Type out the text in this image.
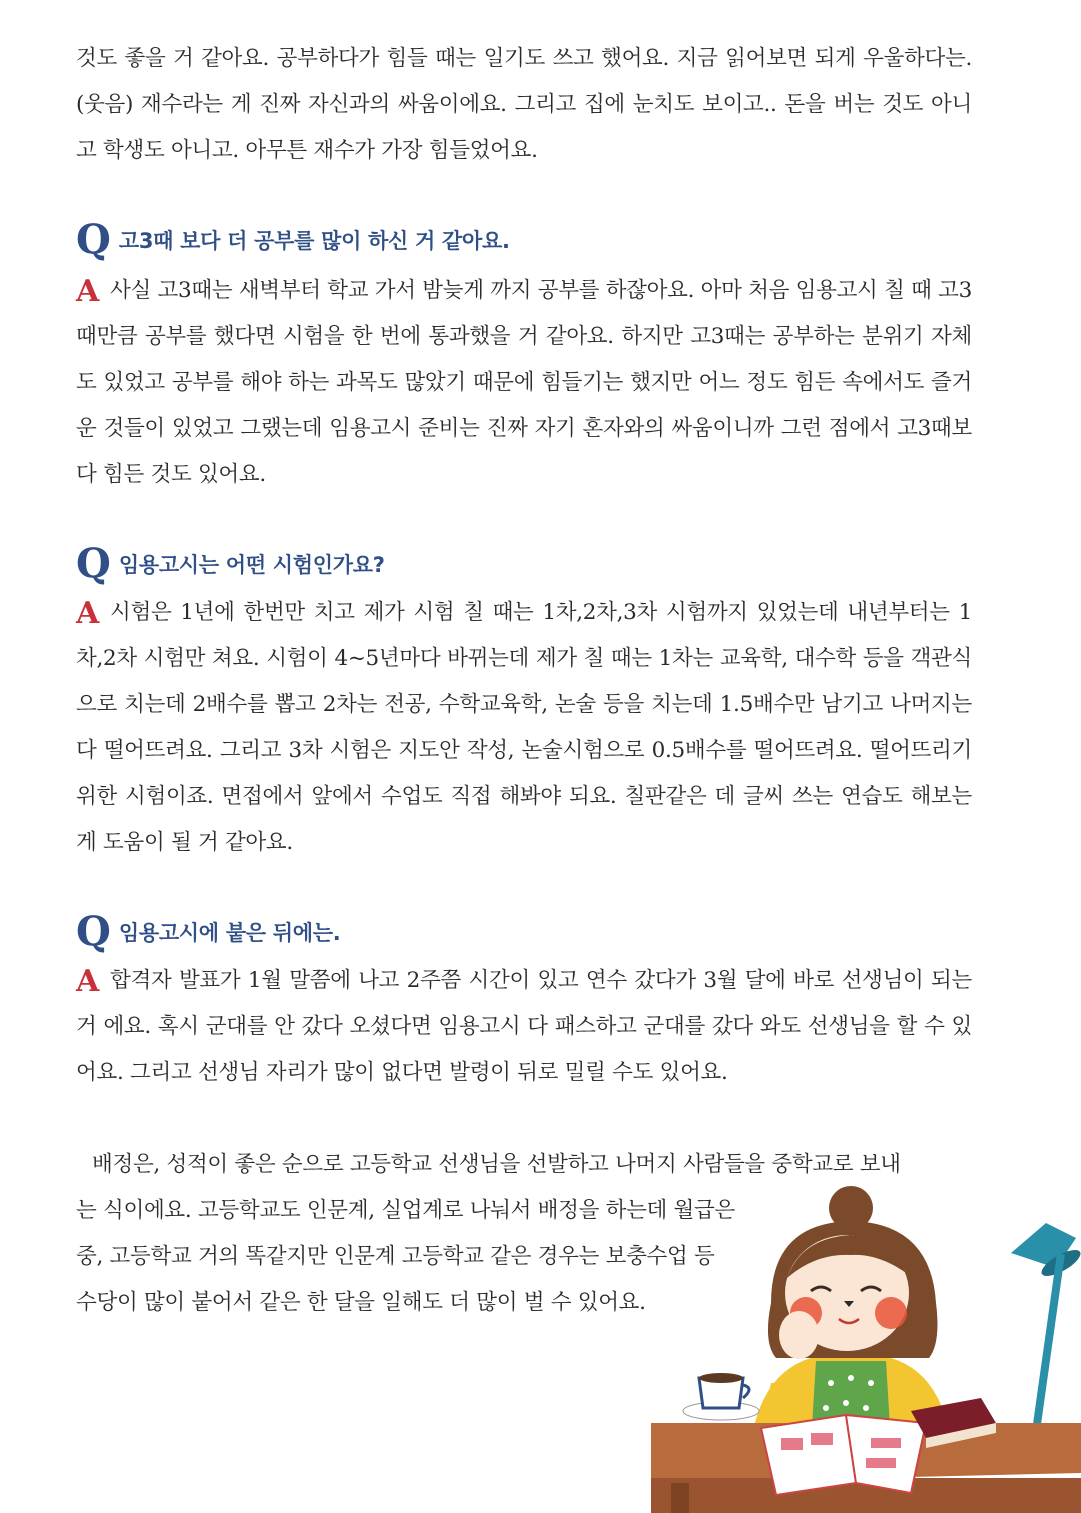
것도 좋을 거 같아요. 공부하다가 힘들 때는 일기도 쓰고 했어요. 지금 읽어보면 되게 우울하다는.(웃음) 재수라는 게 진짜 자신과의 싸움이에요. 그리고 집에 눈치도 보이고.. 돈을 버는 것도 아니고 학생도 아니고. 아무튼 재수가 가장 힘들었어요.

Q 고3때 보다 더 공부를 많이 하신 거 같아요.

A 사실 고3때는 새벽부터 학교 가서 밤늦게 까지 공부를 하잖아요. 아마 처음 임용고시 칠 때 고3때만큼 공부를 했다면 시험을 한 번에 통과했을 거 같아요. 하지만 고3때는 공부하는 분위기 자체도 있었고 공부를 해야 하는 과목도 많았기 때문에 힘들기는 했지만 어느 정도 힘든 속에서도 즐거운 것들이 있었고 그랬는데 임용고시 준비는 진짜 자기 혼자와의 싸움이니까 그런 점에서 고3때보다 힘든 것도 있어요.

Q 임용고시는 어떤 시험인가요?

A 시험은 1년에 한번만 치고 제가 시험 칠 때는 1차,2차,3차 시험까지 있었는데 내년부터는 1차,2차 시험만 쳐요. 시험이 4~5년마다 바뀌는데 제가 칠 때는 1차는 교육학, 대수학 등을 객관식으로 치는데 2배수를 뽑고 2차는 전공, 수학교육학, 논술 등을 치는데 1.5배수만 남기고 나머지는 다 떨어뜨려요. 그리고 3차 시험은 지도안 작성, 논술시험으로 0.5배수를 떨어뜨려요. 떨어뜨리기 위한 시험이죠. 면접에서 앞에서 수업도 직접 해봐야 되요. 칠판같은 데 글씨 쓰는 연습도 해보는 게 도움이 될 거 같아요.

Q 임용고시에 붙은 뒤에는.

A 합격자 발표가 1월 말쯤에 나고 2주쯤 시간이 있고 연수 갔다가 3월 달에 바로 선생님이 되는 거 에요. 혹시 군대를 안 갔다 오셨다면 임용고시 다 패스하고 군대를 갔다 와도 선생님을 할 수 있어요. 그리고 선생님 자리가 많이 없다면 발령이 뒤로 밀릴 수도 있어요.

배정은, 성적이 좋은 순으로 고등학교 선생님을 선발하고 나머지 사람들을 중학교로 보내

는 식이에요. 고등학교도 인문계, 실업계로 나눠서 배정을 하는데 월급은

중, 고등학교 거의 똑같지만 인문계 고등학교 같은 경우는 보충수업 등

수당이 많이 붙어서 같은 한 달을 일해도 더 많이 벌 수 있어요.
